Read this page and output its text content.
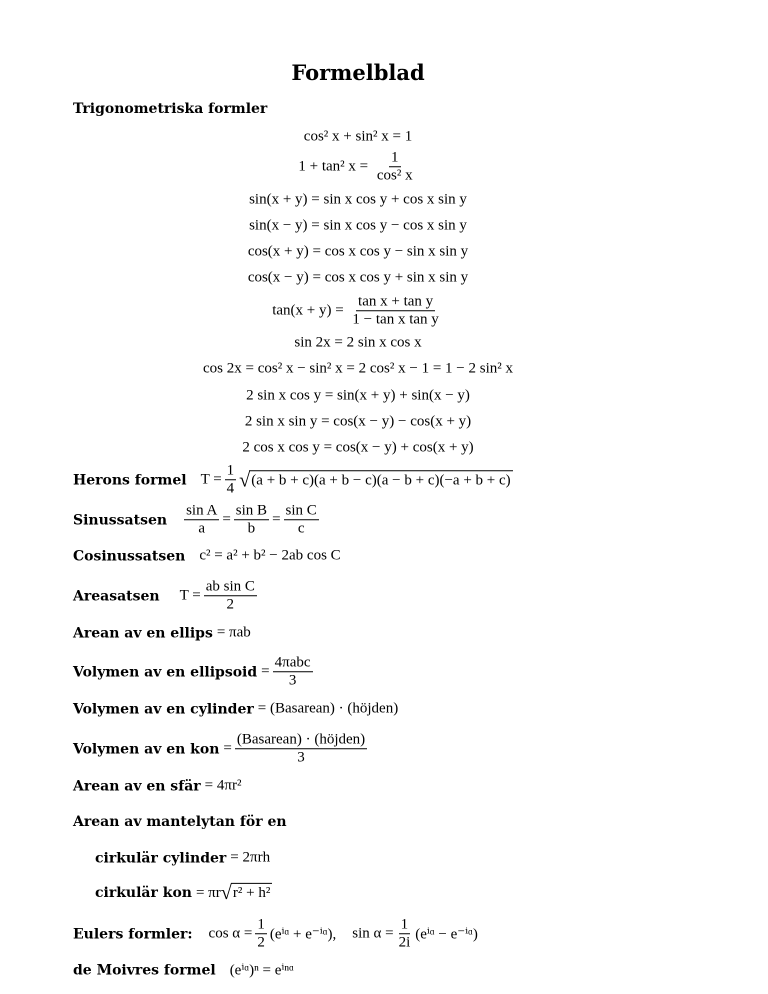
Formelblad
Trigonometriska formler
cos² x + sin² x = 1
1 + tan² $x = \frac{1}{\text{cos² x}}$
sin(x + y) = sin x cos y + cos x sin y
sin(x − y) = sin x cos y − cos x sin y
cos(x + y) = cos x cos y − sin x sin y
cos(x − y) = cos x cos y + sin x sin y
$\tan(x + y) = \frac{\text{tan x + tan y}}{\text{1 − tan x tan y}}$
sin 2x = 2 sin x cos x
cos 2x = cos² x − sin² x = 2 cos² x − 1 = 1 − 2 sin² x
2 sin x cos y = sin(x + y) + sin(x − y)
2 sin x sin y = cos(x − y) − cos(x + y)
2 cos x cos y = cos(x − y) + cos(x + y)
Herons formel $T = \frac{1}{4}$ √ (a + b + c)(a + b − c)(a − b + c)(−a + b + c)
Sinussatsen $\frac{\text{sin A}}{a} = \frac{\text{sin B}}{b} = \frac{\text{sin C}}{c}$
Cosinussatsen c² = a² + b² − 2ab cos C
Areasatsen $T = \frac{\text{ab sin C}}{2}$
Arean av en ellips = πab
Volymen av en ellipsoid = $\frac{\text{4πabc}}{3}$
Volymen av en cylinder = (Basarean) · (höjden)
Volymen av en kon = $\frac{\text{(Basarean) · (höjden)}}{3}$
Arean av en sfär = 4πr²
Arean av mantelytan för en
cirkulär cylinder = 2πrh
cirkulär kon = πr √ r² + h²
Eulers formler: $\cos \alpha = \frac{1}{2}$ (eⁱᵅ + e⁻ⁱᵅ), $\sin \alpha = \frac{1}{2i}$ (eⁱᵅ − e⁻ⁱᵅ)
de Moivres formel (eⁱᵅ)ⁿ = eⁱⁿᵅ
